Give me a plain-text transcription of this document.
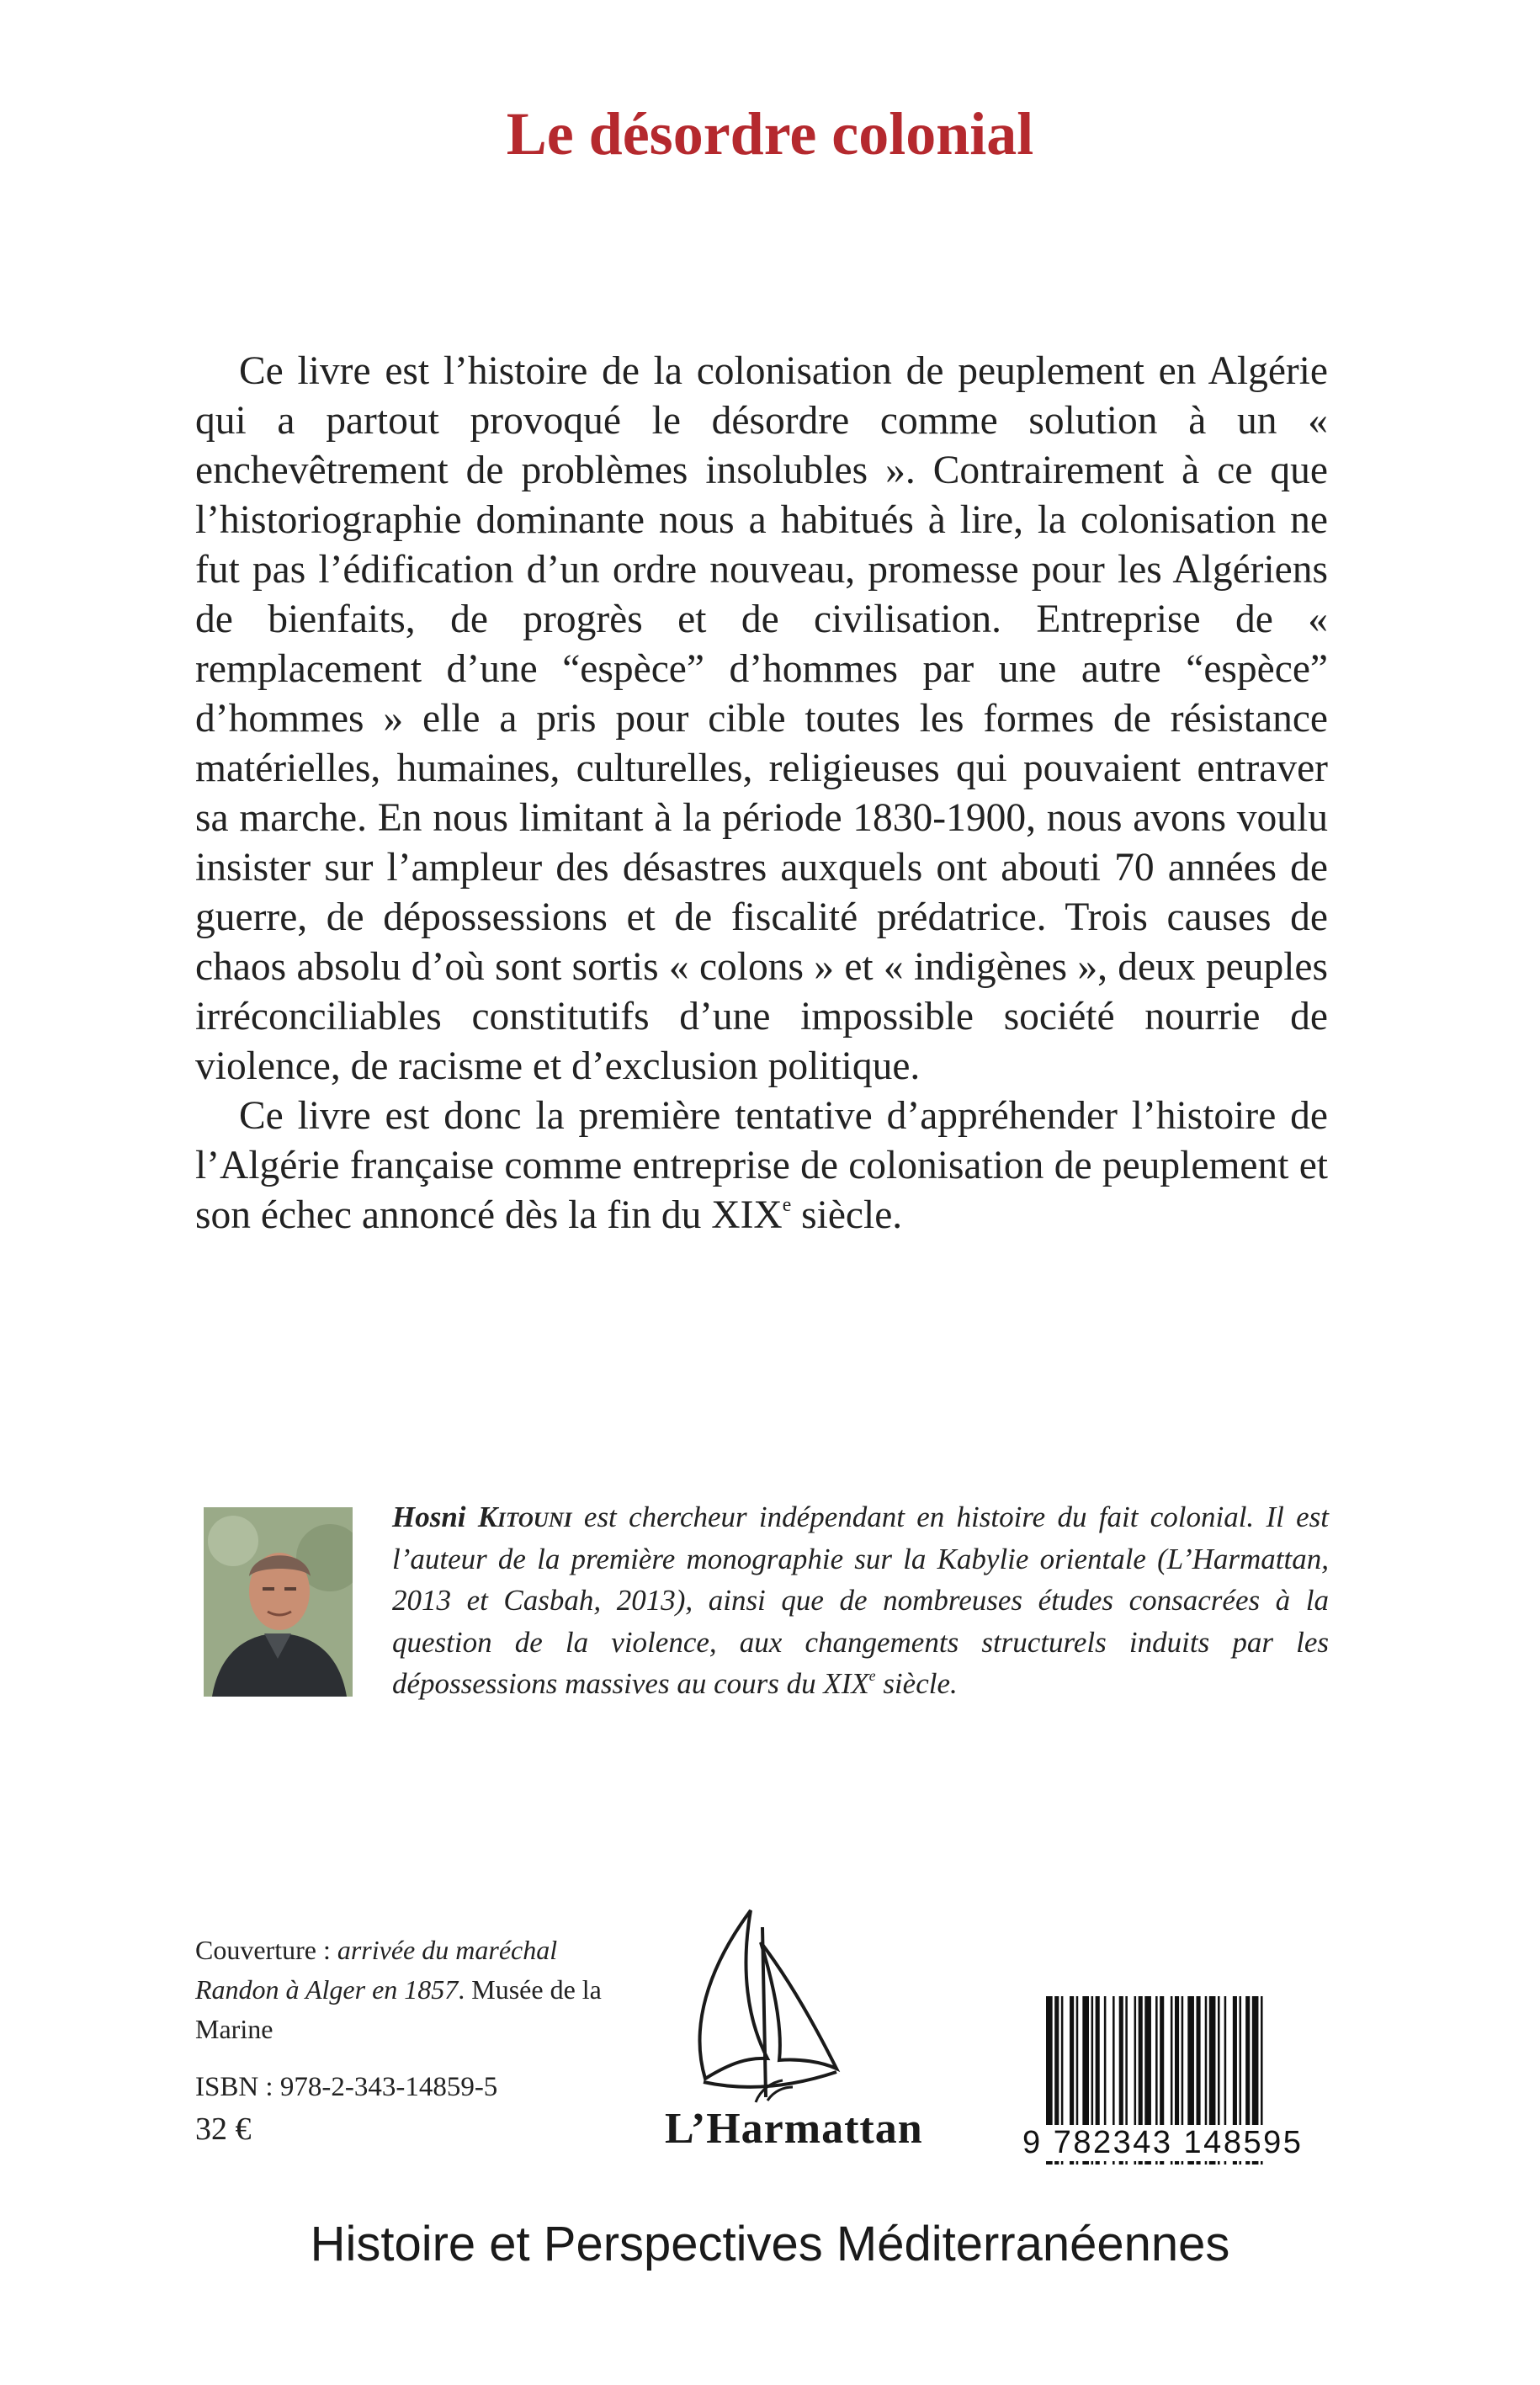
Le désordre colonial

Ce livre est l’histoire de la colonisation de peuplement en Algérie qui a partout provoqué le désordre comme solution à un « enchevêtrement de problèmes insolubles ». Contrairement à ce que l’historiographie dominante nous a habitués à lire, la colonisation ne fut pas l’édification d’un ordre nouveau, promesse pour les Algériens de bienfaits, de progrès et de civilisation. Entreprise de « remplacement d’une “espèce” d’hommes par une autre “espèce” d’hommes » elle a pris pour cible toutes les formes de résistance matérielles, humaines, culturelles, religieuses qui pouvaient entraver sa marche. En nous limitant à la période 1830-1900, nous avons voulu insister sur l’ampleur des désastres auxquels ont abouti 70 années de guerre, de dépossessions et de fiscalité prédatrice. Trois causes de chaos absolu d’où sont sortis « colons » et « indigènes », deux peuples irréconciliables constitutifs d’une impossible société nourrie de violence, de racisme et d’exclusion politique.

Ce livre est donc la première tentative d’appréhender l’histoire de l’Algérie française comme entreprise de colonisation de peuplement et son échec annoncé dès la fin du XIXe siècle.

Hosni Kitouni est chercheur indépendant en histoire du fait colonial. Il est l’auteur de la première monographie sur la Kabylie orientale (L’Harmattan, 2013 et Casbah, 2013), ainsi que de nombreuses études consacrées à la question de la violence, aux changements structurels induits par les dépossessions massives au cours du XIXe siècle.

Couverture : arrivée du maréchal Randon à Alger en 1857. Musée de la Marine

ISBN : 978-2-343-14859-5

32 €	L’Harmattan	9 782343 148595

Histoire et Perspectives Méditerranéennes
